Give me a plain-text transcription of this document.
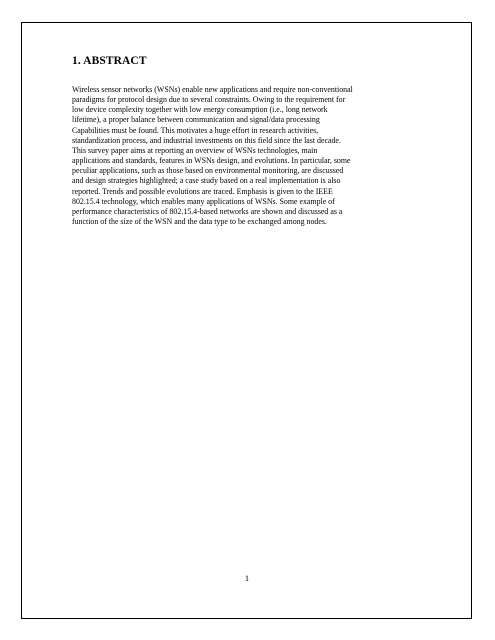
1. ABSTRACT
Wireless sensor networks (WSNs) enable new applications and require non-conventional
paradigms for protocol design due to several constraints. Owing to the requirement for
low device complexity together with low energy consumption (i.e., long network
lifetime), a proper balance between communication and signal/data processing
Capabilities must be found. This motivates a huge effort in research activities,
standardization process, and industrial investments on this field since the last decade.
This survey paper aims at reporting an overview of WSNs technologies, main
applications and standards, features in WSNs design, and evolutions. In particular, some
peculiar applications, such as those based on environmental monitoring, are discussed
and design strategies highlighted; a case study based on a real implementation is also
reported. Trends and possible evolutions are traced. Emphasis is given to the IEEE
802.15.4 technology, which enables many applications of WSNs. Some example of
performance characteristics of 802.15.4-based networks are shown and discussed as a
function of the size of the WSN and the data type to be exchanged among nodes.
1
